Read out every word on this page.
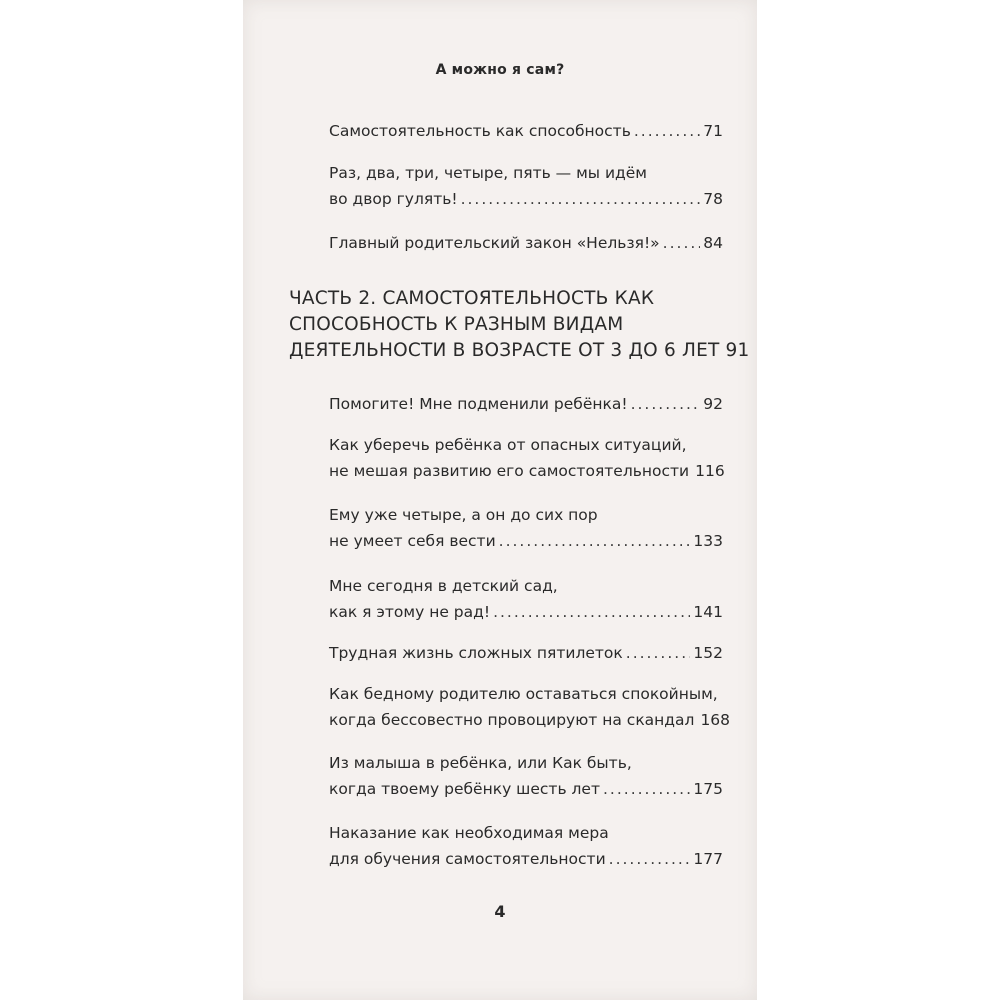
А можно я сам?
Самостоятельность как способность .....	71
Раз, два, три, четыре, пять — мы идём
во двор гулять! .....	78
Главный родительский закон «Нельзя!» .....	84
ЧАСТЬ 2. САМОСТОЯТЕЛЬНОСТЬ КАК
СПОСОБНОСТЬ К РАЗНЫМ ВИДАМ
ДЕЯТЕЛЬНОСТИ В ВОЗРАСТЕ ОТ 3 ДО 6 ЛЕТ 91
Помогите! Мне подменили ребёнка! .....	92
Как уберечь ребёнка от опасных ситуаций,
не мешая развитию его самостоятельности 116
Ему уже четыре, а он до сих пор
не умеет себя вести .....	133
Мне сегодня в детский сад,
как я этому не рад! .....	141
Трудная жизнь сложных пятилеток .....	152
Как бедному родителю оставаться спокойным,
когда бессовестно провоцируют на скандал 168
Из малыша в ребёнка, или Как быть,
когда твоему ребёнку шесть лет .....	175
Наказание как необходимая мера
для обучения самостоятельности .....	177
4
